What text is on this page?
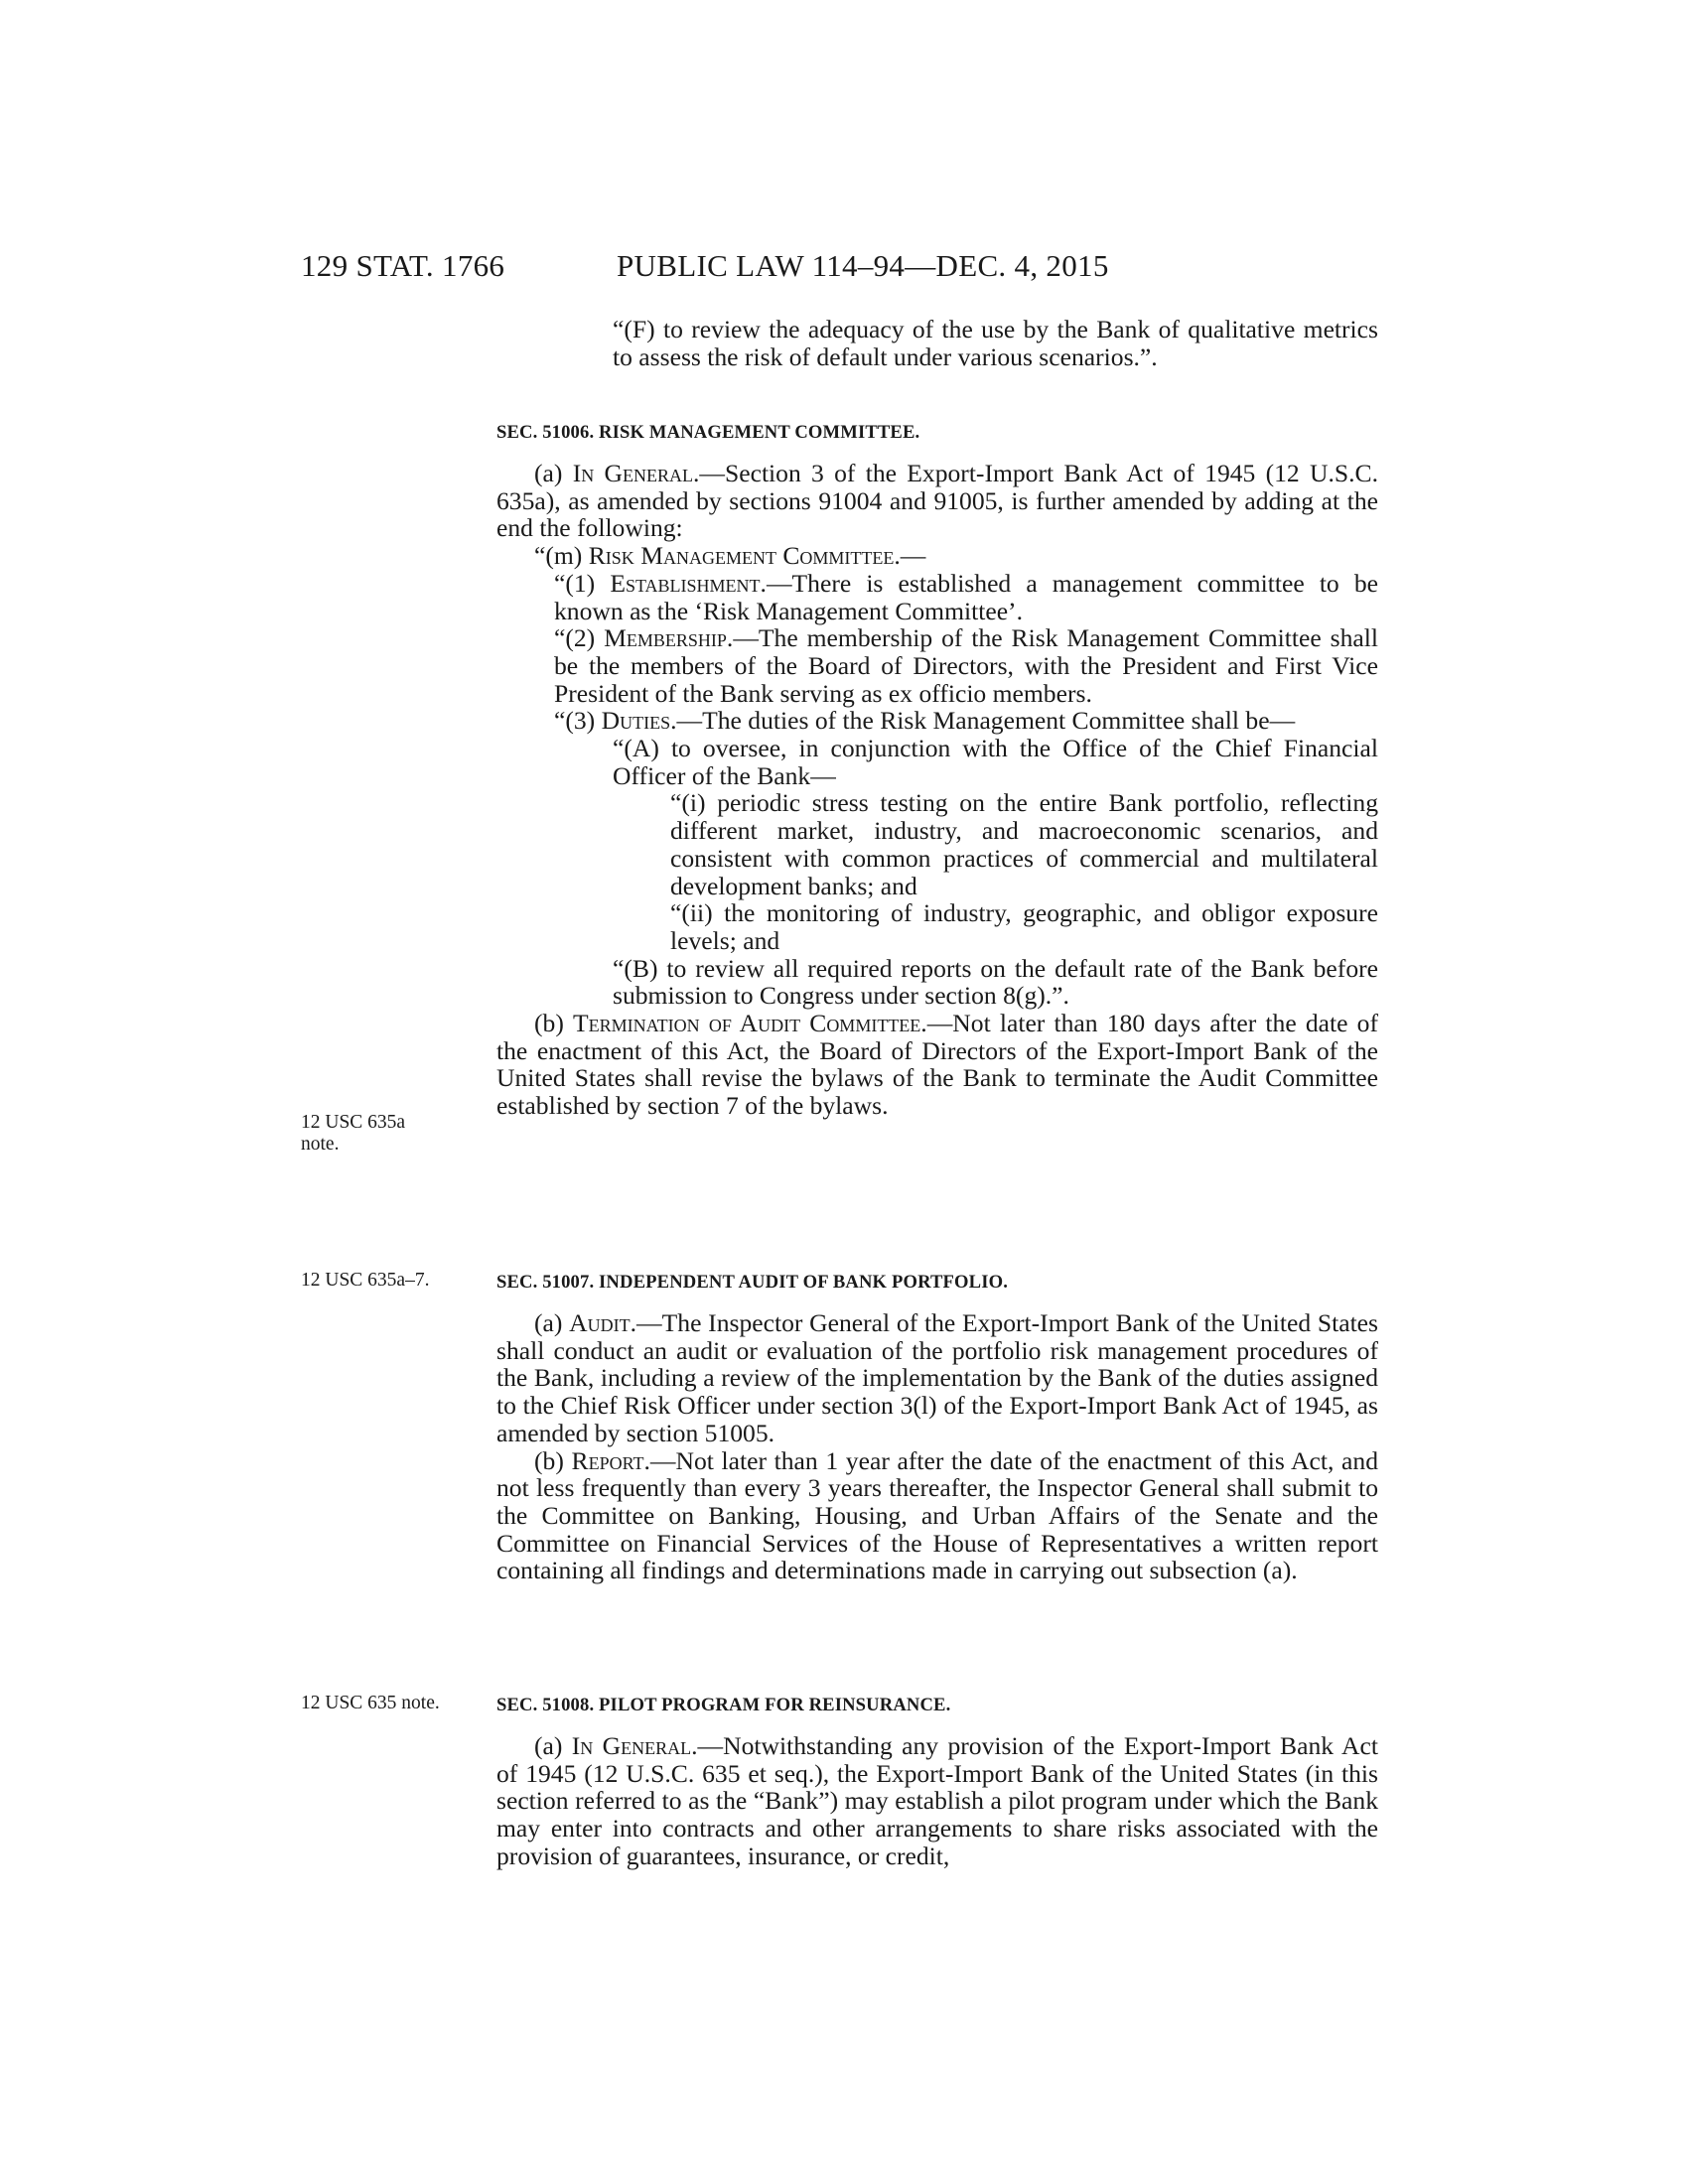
129 STAT. 1766	PUBLIC LAW 114–94—DEC. 4, 2015
12 USC 635a
note.
12 USC 635a–7.
12 USC 635 note.

“(F) to review the adequacy of the use by the Bank of qualitative metrics to assess the risk of default under various scenarios.”.

SEC. 51006. RISK MANAGEMENT COMMITTEE.

(a) In General.—Section 3 of the Export-Import Bank Act of 1945 (12 U.S.C. 635a), as amended by sections 91004 and 91005, is further amended by adding at the end the following:

“(m) Risk Management Committee.—

“(1) Establishment.—There is established a management committee to be known as the ‘Risk Management Committee’.

“(2) Membership.—The membership of the Risk Management Committee shall be the members of the Board of Directors, with the President and First Vice President of the Bank serving as ex officio members.

“(3) Duties.—The duties of the Risk Management Committee shall be—

“(A) to oversee, in conjunction with the Office of the Chief Financial Officer of the Bank—

“(i) periodic stress testing on the entire Bank portfolio, reflecting different market, industry, and macroeconomic scenarios, and consistent with common practices of commercial and multilateral development banks; and

“(ii) the monitoring of industry, geographic, and obligor exposure levels; and

“(B) to review all required reports on the default rate of the Bank before submission to Congress under section 8(g).”.

(b) Termination of Audit Committee.—Not later than 180 days after the date of the enactment of this Act, the Board of Directors of the Export-Import Bank of the United States shall revise the bylaws of the Bank to terminate the Audit Committee established by section 7 of the bylaws.

SEC. 51007. INDEPENDENT AUDIT OF BANK PORTFOLIO.

(a) Audit.—The Inspector General of the Export-Import Bank of the United States shall conduct an audit or evaluation of the portfolio risk management procedures of the Bank, including a review of the implementation by the Bank of the duties assigned to the Chief Risk Officer under section 3(l) of the Export-Import Bank Act of 1945, as amended by section 51005.

(b) Report.—Not later than 1 year after the date of the enactment of this Act, and not less frequently than every 3 years thereafter, the Inspector General shall submit to the Committee on Banking, Housing, and Urban Affairs of the Senate and the Committee on Financial Services of the House of Representatives a written report containing all findings and determinations made in carrying out subsection (a).

SEC. 51008. PILOT PROGRAM FOR REINSURANCE.

(a) In General.—Notwithstanding any provision of the Export-Import Bank Act of 1945 (12 U.S.C. 635 et seq.), the Export-Import Bank of the United States (in this section referred to as the “Bank”) may establish a pilot program under which the Bank may enter into contracts and other arrangements to share risks associated with the provision of guarantees, insurance, or credit,
